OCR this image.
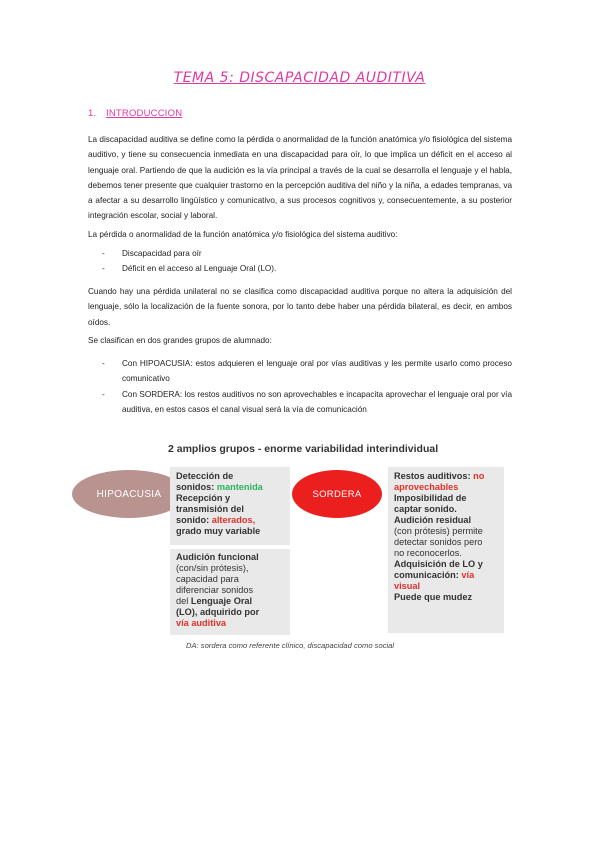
TEMA 5: DISCAPACIDAD AUDITIVA
1. INTRODUCCION
La discapacidad auditiva se define como la pérdida o anormalidad de la función anatómica y/o fisiológica del sistema auditivo, y tiene su consecuencia inmediata en una discapacidad para oír, lo que implica un déficit en el acceso al lenguaje oral. Partiendo de que la audición es la vía principal a través de la cual se desarrolla el lenguaje y el habla, debemos tener presente que cualquier trastorno en la percepción auditiva del niño y la niña, a edades tempranas, va a afectar a su desarrollo lingüístico y comunicativo, a sus procesos cognitivos y, consecuentemente, a su posterior integración escolar, social y laboral.
La pérdida o anormalidad de la función anatómica y/o fisiológica del sistema auditivo:
- Discapacidad para oír
- Déficit en el acceso al Lenguaje Oral (LO).
Cuando hay una pérdida unilateral no se clasifica como discapacidad auditiva porque no altera la adquisición del lenguaje, sólo la localización de la fuente sonora, por lo tanto debe haber una pérdida bilateral, es decir, en ambos oídos.
Se clasifican en dos grandes grupos de alumnado:
- Con HIPOACUSIA: estos adquieren el lenguaje oral por vías auditivas y les permite usarlo como proceso comunicativo
- Con SORDERA: los restos auditivos no son aprovechables e incapacita aprovechar el lenguaje oral por vía auditiva, en estos casos el canal visual será la vía de comunicación
2 amplios grupos - enorme variabilidad interindividual
HIPOACUSIA	SORDERA
Detección de
sonidos: mantenida
Recepción y
transmisión del
sonido: alterados,
grado muy variable
Audición funcional
(con/sin prótesis),
capacidad para
diferenciar sonidos
del Lenguaje Oral
(LO), adquirido por
vía auditiva
Restos auditivos: no
aprovechables
Imposibilidad de
captar sonido.
Audición residual
(con prótesis) permite
detectar sonidos pero
no reconocerlos.
Adquisición de LO y
comunicación: vía
visual
Puede que mudez
DA: sordera como referente clínico, discapacidad como social
